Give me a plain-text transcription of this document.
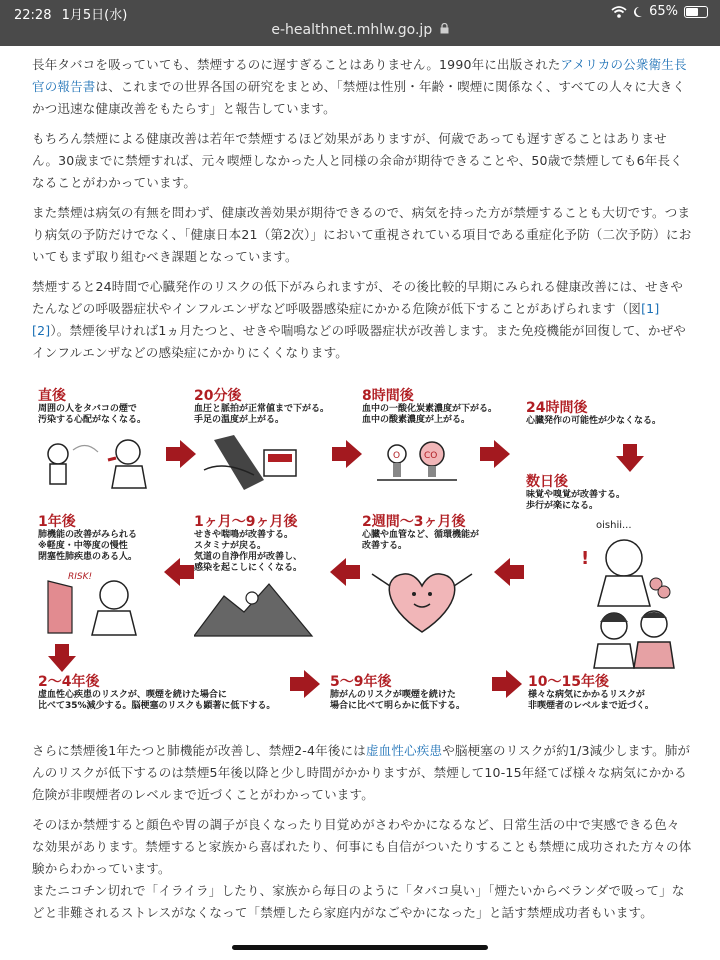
22:28 1月5日(水)	65%
e-healthnet.mhlw.go.jp

長年タバコを吸っていても、禁煙するのに遅すぎることはありません。1990年に出版されたアメリカの公衆衛生長官の報告書は、これまでの世界各国の研究をまとめ、「禁煙は性別・年齢・喫煙に関係なく、すべての人々に大きくかつ迅速な健康改善をもたらす」と報告しています。

もちろん禁煙による健康改善は若年で禁煙するほど効果がありますが、何歳であっても遅すぎることはありません。30歳までに禁煙すれば、元々喫煙しなかった人と同様の余命が期待できることや、50歳で禁煙しても6年長くなることがわかっています。

また禁煙は病気の有無を問わず、健康改善効果が期待できるので、病気を持った方が禁煙することも大切です。つまり病気の予防だけでなく、「健康日本21（第2次）」において重視されている項目である重症化予防（二次予防）においてもまず取り組むべき課題となっています。

禁煙すると24時間で心臓発作のリスクの低下がみられますが、その後比較的早期にみられる健康改善には、せきやたんなどの呼吸器症状やインフルエンザなど呼吸器感染症にかかる危険が低下することがあげられます（図[1][2]）。禁煙後早ければ1ヵ月たつと、せきや喘鳴などの呼吸器症状が改善します。また免疫機能が回復して、かぜやインフルエンザなどの感染症にかかりにくくなります。

直後
周囲の人をタバコの煙で
汚染する心配がなくなる。
20分後
血圧と脈拍が正常値まで下がる。
手足の温度が上がる。
8時間後
血中の一酸化炭素濃度が下がる。
血中の酸素濃度が上がる。
O	CO
24時間後
心臓発作の可能性が少なくなる。
数日後
味覚や嗅覚が改善する。
歩行が楽になる。
oishii...
!
2週間〜3ヶ月後
心臓や血管など、循環機能が
改善する。
1ヶ月〜9ヶ月後
せきや喘鳴が改善する。
スタミナが戻る。
気道の自浄作用が改善し、
感染を起こしにくくなる。
1年後
肺機能の改善がみられる
※軽度・中等度の慢性
閉塞性肺疾患のある人。
RISK!
2〜4年後
虚血性心疾患のリスクが、喫煙を続けた場合に
比べて35%減少する。脳梗塞のリスクも顕著に低下する。
5〜9年後
肺がんのリスクが喫煙を続けた
場合に比べて明らかに低下する。
10〜15年後
様々な病気にかかるリスクが
非喫煙者のレベルまで近づく。

さらに禁煙後1年たつと肺機能が改善し、禁煙2-4年後には虚血性心疾患や脳梗塞のリスクが約1/3減少します。肺がんのリスクが低下するのは禁煙5年後以降と少し時間がかかりますが、禁煙して10-15年経てば様々な病気にかかる危険が非喫煙者のレベルまで近づくことがわかっています。

そのほか禁煙すると顔色や胃の調子が良くなったり目覚めがさわやかになるなど、日常生活の中で実感できる色々な効果があります。禁煙すると家族から喜ばれたり、何事にも自信がついたりすることも禁煙に成功された方々の体験からわかっています。
またニコチン切れで「イライラ」したり、家族から毎日のように「タバコ臭い」「煙たいからベランダで吸って」などと非難されるストレスがなくなって「禁煙したら家庭内がなごやかになった」と話す禁煙成功者もいます。
